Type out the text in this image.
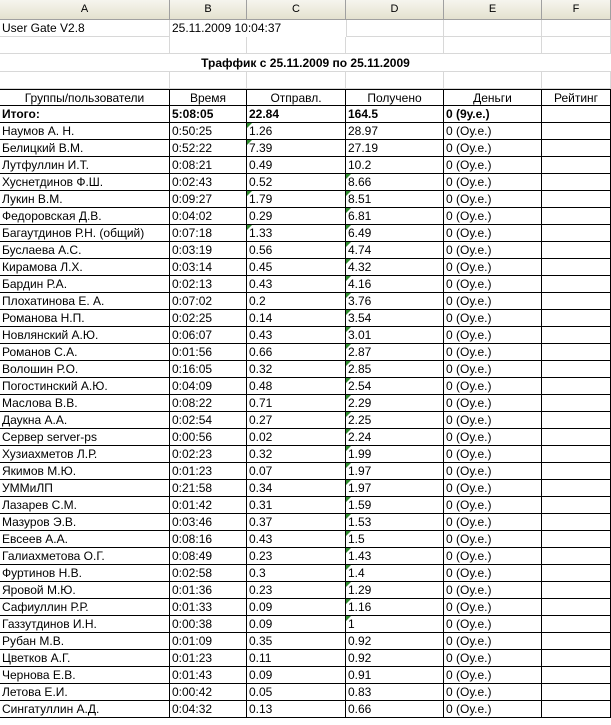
A	B	C	D	E	F
User Gate V2.8	25.11.2009 10:04:37
Траффик с 25.11.2009 по 25.11.2009
Группы/пользователи	Время	Отправл.	Получено	Деньги	Рейтинг
Итого:	5:08:05	22.84	164.5	0 (9у.е.)
Наумов А. Н.	0:50:25	1.26	28.97	0 (Оу.е.)
Белицкий В.М.	0:52:22	7.39	27.19	0 (Оу.е.)
Лутфуллин И.Т.	0:08:21	0.49	10.2	0 (Оу.е.)
Хуснетдинов Ф.Ш.	0:02:43	0.52	8.66	0 (Оу.е.)
Лукин В.М.	0:09:27	1.79	8.51	0 (Оу.е.)
Федоровская Д.В.	0:04:02	0.29	6.81	0 (Оу.е.)
Багаутдинов Р.Н. (общий)	0:07:18	1.33	6.49	0 (Оу.е.)
Буслаева А.С.	0:03:19	0.56	4.74	0 (Оу.е.)
Кирамова Л.Х.	0:03:14	0.45	4.32	0 (Оу.е.)
Бардин Р.А.	0:02:13	0.43	4.16	0 (Оу.е.)
Плохатинова Е. А.	0:07:02	0.2	3.76	0 (Оу.е.)
Романова Н.П.	0:02:25	0.14	3.54	0 (Оу.е.)
Новлянский А.Ю.	0:06:07	0.43	3.01	0 (Оу.е.)
Романов С.А.	0:01:56	0.66	2.87	0 (Оу.е.)
Волошин Р.О.	0:16:05	0.32	2.85	0 (Оу.е.)
Погостинский А.Ю.	0:04:09	0.48	2.54	0 (Оу.е.)
Маслова В.В.	0:08:22	0.71	2.29	0 (Оу.е.)
Даукна А.А.	0:02:54	0.27	2.25	0 (Оу.е.)
Сервер server-ps	0:00:56	0.02	2.24	0 (Оу.е.)
Хузиахметов Л.Р.	0:02:23	0.32	1.99	0 (Оу.е.)
Якимов М.Ю.	0:01:23	0.07	1.97	0 (Оу.е.)
УММиЛП	0:21:58	0.34	1.97	0 (Оу.е.)
Лазарев С.М.	0:01:42	0.31	1.59	0 (Оу.е.)
Мазуров Э.В.	0:03:46	0.37	1.53	0 (Оу.е.)
Евсеев А.А.	0:08:16	0.43	1.5	0 (Оу.е.)
Галиахметова О.Г.	0:08:49	0.23	1.43	0 (Оу.е.)
Фуртинов Н.В.	0:02:58	0.3	1.4	0 (Оу.е.)
Яровой М.Ю.	0:01:36	0.23	1.29	0 (Оу.е.)
Сафиуллин Р.Р.	0:01:33	0.09	1.16	0 (Оу.е.)
Газзутдинов И.Н.	0:00:38	0.09	1	0 (Оу.е.)
Рубан М.В.	0:01:09	0.35	0.92	0 (Оу.е.)
Цветков А.Г.	0:01:23	0.11	0.92	0 (Оу.е.)
Чернова Е.В.	0:01:43	0.09	0.91	0 (Оу.е.)
Летова Е.И.	0:00:42	0.05	0.83	0 (Оу.е.)
Сингатуллин А.Д.	0:04:32	0.13	0.66	0 (Оу.е.)
